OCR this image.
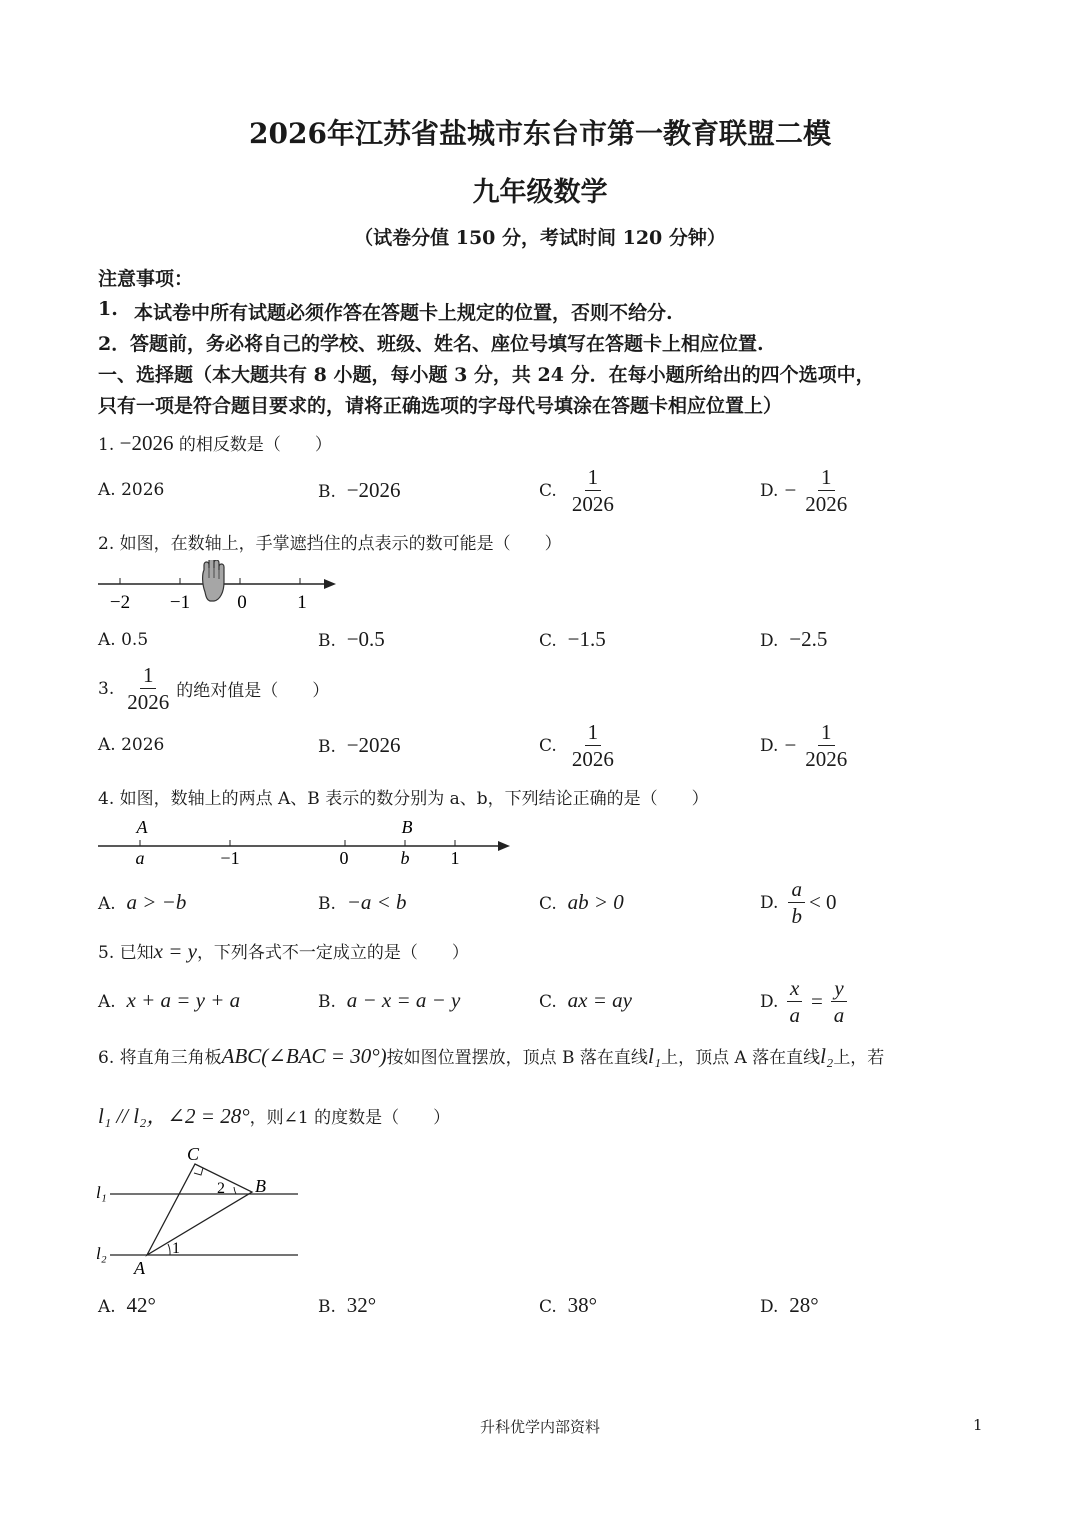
2026年江苏省盐城市东台市第一教育联盟二模
九年级数学
（试卷分值 150 分，考试时间 120 分钟）
注意事项：
1. 本试卷中所有试题必须作答在答题卡上规定的位置，否则不给分.
2． 答题前，务必将自己的学校、班级、姓名、座位号填写在答题卡上相应位置.
一、选择题（本大题共有 8 小题，每小题 3 分，共 24 分．在每小题所给出的四个选项中，
只有一项是符合题目要求的，请将正确选项的字母代号填涂在答题卡相应位置上）
1. −2026 的相反数是（　　）
A. 2026	B. −2026	C. $\frac{1}{2026}$	D. − $\frac{1}{2026}$
2. 如图，在数轴上，手掌遮挡住的点表示的数可能是（　　）
−2 −1 0	1
A. 0.5	B. −0.5	C. −1.5	D. −2.5
3. $\frac{1}{2026}$ 的绝对值是（　　）
A. 2026	B. −2026	C. $\frac{1}{2026}$	D. − $\frac{1}{2026}$
4. 如图，数轴上的两点 A、B 表示的数分别为 a、b，下列结论正确的是（　　）
A	B
a	−1	0	b 1
A. a > −b	B. −a < b	C. ab > 0	D. $\frac{a}{b} < 0$
5. 已知x = y，下列各式不一定成立的是（　　）
A. x + a = y + a	B. a − x = a − y	C. ax = ay	D. $\frac{x}{a} = \frac{y}{a}$
6. 将直角三角板ABC(∠BAC = 30°)按如图位置摆放，顶点 B 落在直线l₁上，顶点 A 落在直线l₂上，若
l₁ // l₂，∠2 = 28°，则∠1 的度数是（　　）
C
B
A
l₁
l₂	1
2
A. 42°	B. 32°	C. 38°	D. 28°
升科优学内部资料	1
